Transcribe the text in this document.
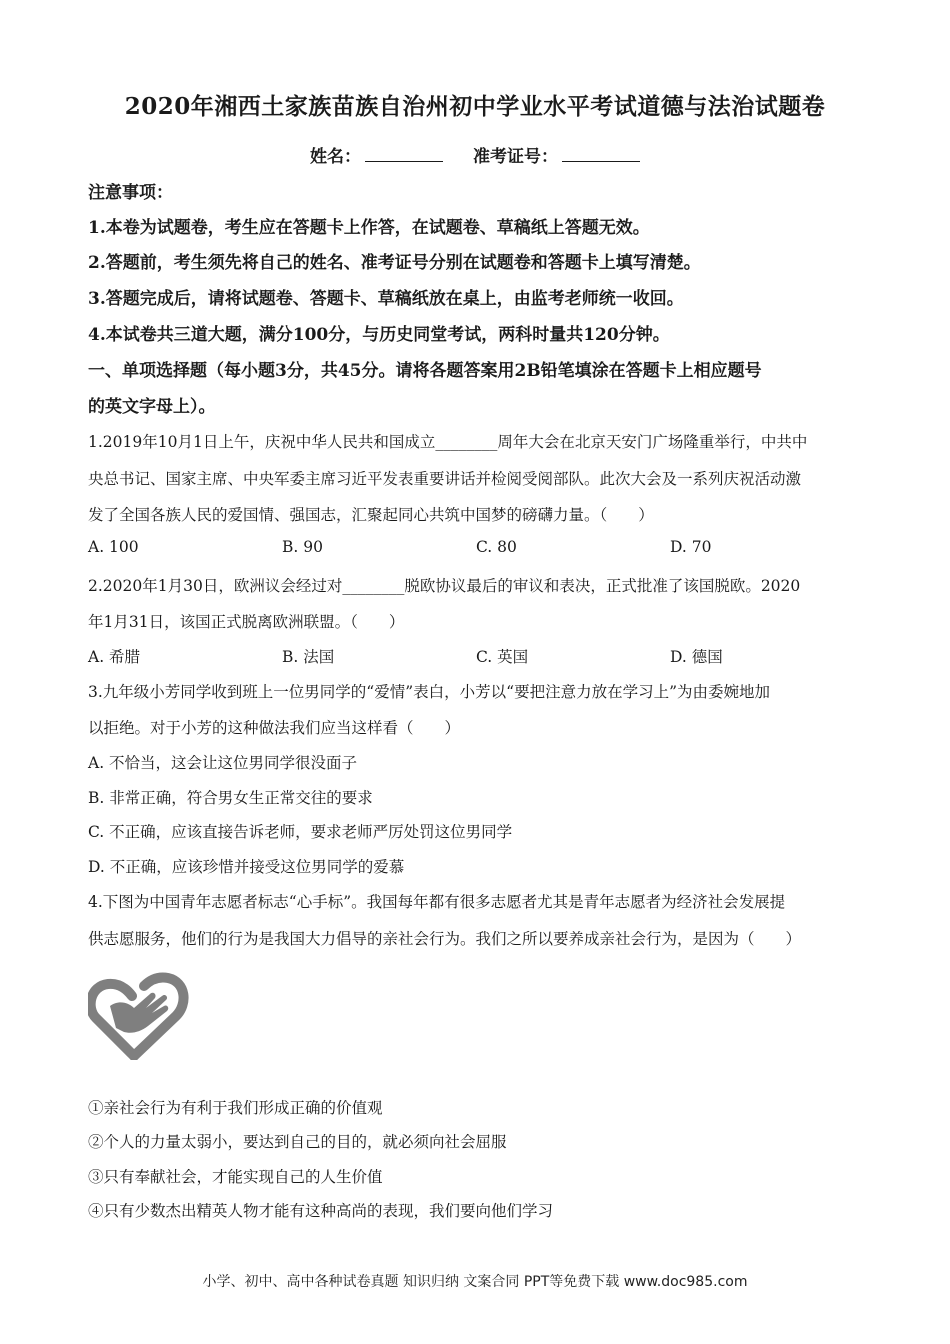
2020年湘西土家族苗族自治州初中学业水平考试道德与法治试题卷
姓名：	准考证号：
注意事项：
1.本卷为试题卷，考生应在答题卡上作答，在试题卷、草稿纸上答题无效。
2.答题前，考生须先将自己的姓名、准考证号分别在试题卷和答题卡上填写清楚。
3.答题完成后，请将试题卷、答题卡、草稿纸放在桌上，由监考老师统一收回。
4.本试卷共三道大题，满分100分，与历史同堂考试，两科时量共120分钟。
一、单项选择题（每小题3分，共45分。请将各题答案用2B铅笔填涂在答题卡上相应题号
的英文字母上）。
1.2019年10月1日上午，庆祝中华人民共和国成立________周年大会在北京天安门广场隆重举行，中共中
央总书记、国家主席、中央军委主席习近平发表重要讲话并检阅受阅部队。此次大会及一系列庆祝活动激
发了全国各族人民的爱国情、强国志，汇聚起同心共筑中国梦的磅礴力量。（　　）
A. 100	B. 90	C. 80	D. 70
2.2020年1月30日，欧洲议会经过对________脱欧协议最后的审议和表决，正式批准了该国脱欧。2020
年1月31日，该国正式脱离欧洲联盟。（　　）
A. 希腊	B. 法国	C. 英国	D. 德国
3.九年级小芳同学收到班上一位男同学的“爱情”表白，小芳以“要把注意力放在学习上”为由委婉地加
以拒绝。对于小芳的这种做法我们应当这样看（　　）
A. 不恰当，这会让这位男同学很没面子
B. 非常正确，符合男女生正常交往的要求
C. 不正确，应该直接告诉老师，要求老师严厉处罚这位男同学
D. 不正确，应该珍惜并接受这位男同学的爱慕
4.下图为中国青年志愿者标志“心手标”。我国每年都有很多志愿者尤其是青年志愿者为经济社会发展提
供志愿服务，他们的行为是我国大力倡导的亲社会行为。我们之所以要养成亲社会行为，是因为（　　）
①亲社会行为有利于我们形成正确的价值观
②个人的力量太弱小，要达到自己的目的，就必须向社会屈服
③只有奉献社会，才能实现自己的人生价值
④只有少数杰出精英人物才能有这种高尚的表现，我们要向他们学习
小学、初中、高中各种试卷真题 知识归纳 文案合同 PPT等免费下载 www.doc985.com
